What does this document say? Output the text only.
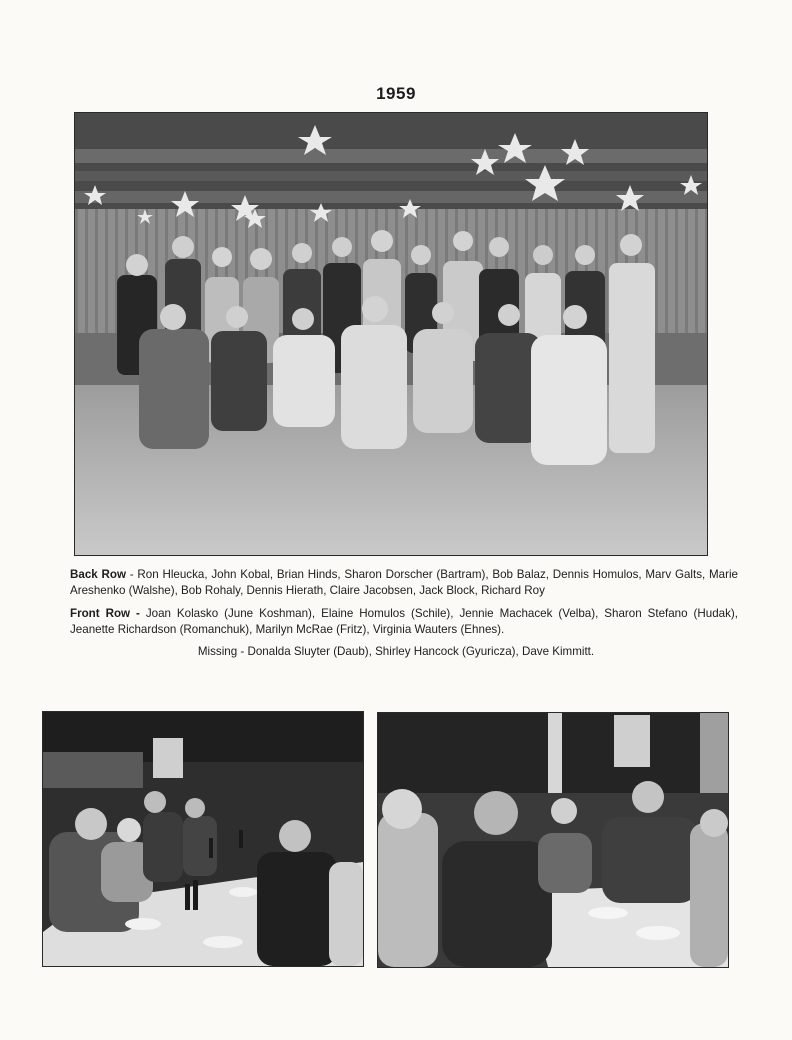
1959
Back Row - Ron Hleucka, John Kobal, Brian Hinds, Sharon Dorscher (Bartram), Bob Balaz, Dennis Homulos, Marv Galts, Marie Areshenko (Walshe), Bob Rohaly, Dennis Hierath, Claire Jacobsen, Jack Block, Richard Roy
Front Row - Joan Kolasko (June Koshman), Elaine Homulos (Schile), Jennie Machacek (Velba), Sharon Stefano (Hudak), Jeanette Richardson (Romanchuk), Marilyn McRae (Fritz), Virginia Wauters (Ehnes).
Missing - Donalda Sluyter (Daub), Shirley Hancock (Gyuricza), Dave Kimmitt.
